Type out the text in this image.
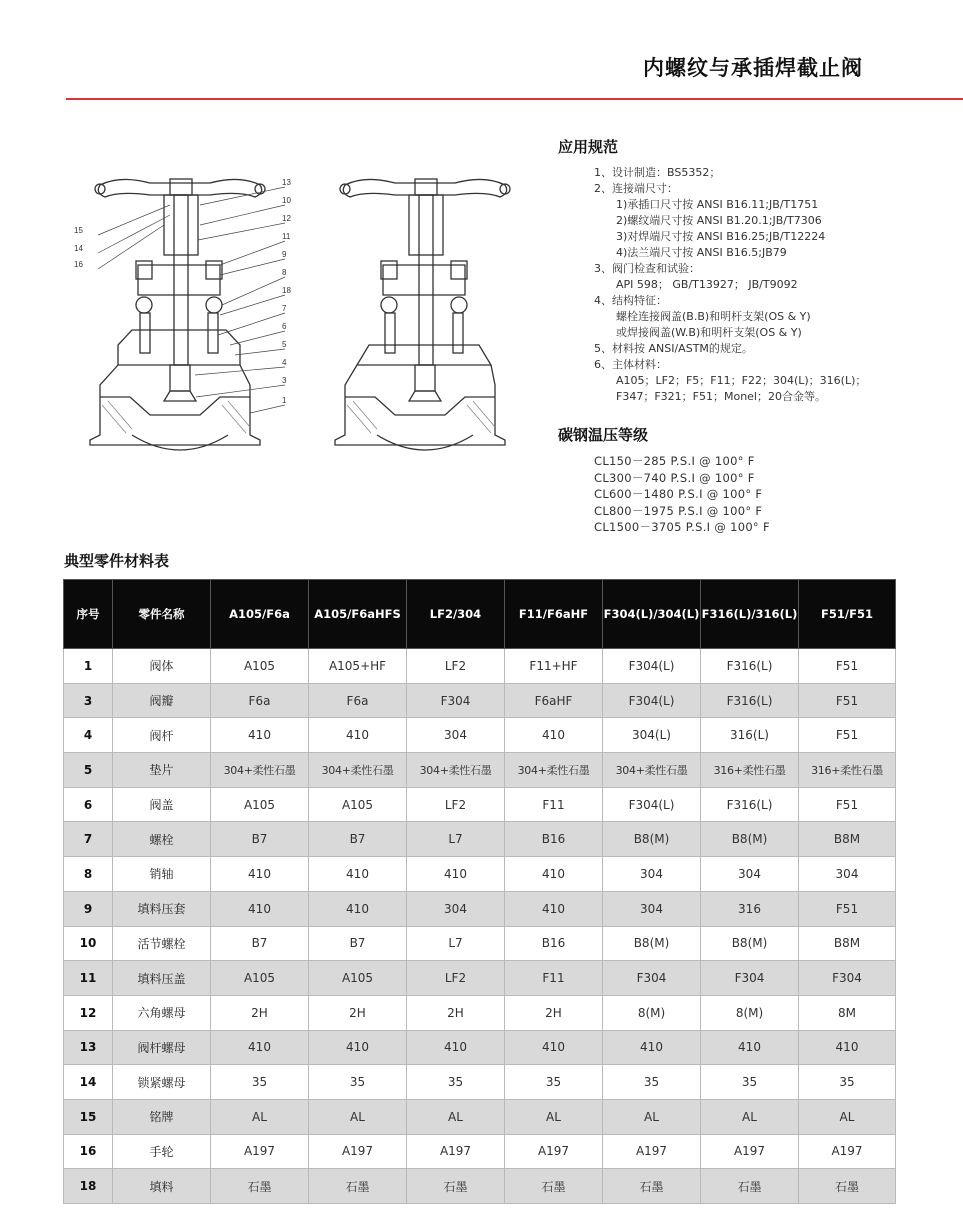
内螺纹与承插焊截止阀
15
14
16
13
10
12
11
9
8
18
7
6
5
4
3
1
应用规范
1、设计制造：BS5352；
2、连接端尺寸：
1)承插口尺寸按 ANSI B16.11;JB/T1751
2)螺纹端尺寸按 ANSI B1.20.1;JB/T7306
3)对焊端尺寸按 ANSI B16.25;JB/T12224
4)法兰端尺寸按 ANSI B16.5;JB79
3、阀门检查和试验：
API 598； GB/T13927； JB/T9092
4、结构特征：
螺栓连接阀盖(B.B)和明杆支架(OS & Y)
或焊接阀盖(W.B)和明杆支架(OS & Y)
5、材料按 ANSI/ASTM的规定。
6、主体材料：
A105；LF2；F5；F11；F22；304(L)；316(L)；
F347；F321；F51；Monel；20合金等。
碳钢温压等级
CL150－285 P.S.I @ 100° F
CL300－740 P.S.I @ 100° F
CL600－1480 P.S.I @ 100° F
CL800－1975 P.S.I @ 100° F
CL1500－3705 P.S.I @ 100° F
典型零件材料表
序号	零件名称	A105/F6a	A105/F6aHFS	LF2/304	F11/F6aHF	F304(L)/304(L)	F316(L)/316(L)	F51/F51
1	阀体	A105	A105+HF	LF2	F11+HF	F304(L)	F316(L)	F51
3	阀瓣	F6a	F6a	F304	F6aHF	F304(L)	F316(L)	F51
4	阀杆	410	410	304	410	304(L)	316(L)	F51
5	垫片	304+柔性石墨	304+柔性石墨	304+柔性石墨	304+柔性石墨	304+柔性石墨	316+柔性石墨	316+柔性石墨
6	阀盖	A105	A105	LF2	F11	F304(L)	F316(L)	F51
7	螺栓	B7	B7	L7	B16	B8(M)	B8(M)	B8M
8	销轴	410	410	410	410	304	304	304
9	填料压套	410	410	304	410	304	316	F51
10	活节螺栓	B7	B7	L7	B16	B8(M)	B8(M)	B8M
11	填料压盖	A105	A105	LF2	F11	F304	F304	F304
12	六角螺母	2H	2H	2H	2H	8(M)	8(M)	8M
13	阀杆螺母	410	410	410	410	410	410	410
14	锁紧螺母	35	35	35	35	35	35	35
15	铭牌	AL	AL	AL	AL	AL	AL	AL
16	手轮	A197	A197	A197	A197	A197	A197	A197
18	填料	石墨	石墨	石墨	石墨	石墨	石墨	石墨
